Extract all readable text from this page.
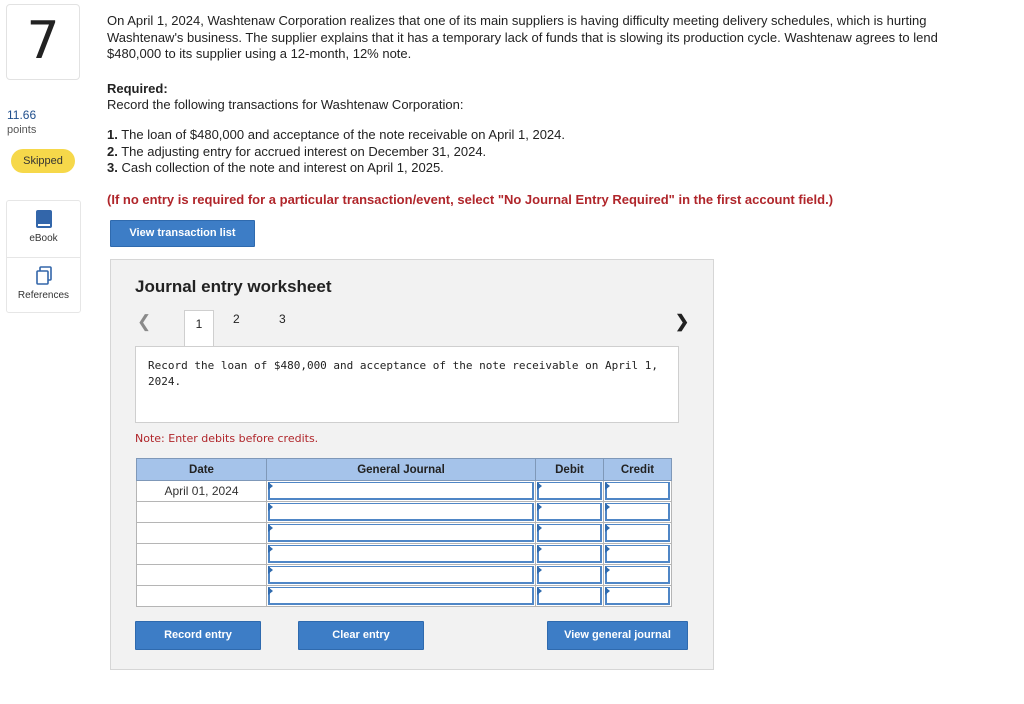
7
11.66
points
Skipped
eBook
References
On April 1, 2024, Washtenaw Corporation realizes that one of its main suppliers is having difficulty meeting delivery schedules, which is hurting Washtenaw's business. The supplier explains that it has a temporary lack of funds that is slowing its production cycle. Washtenaw agrees to lend $480,000 to its supplier using a 12-month, 12% note.
Required:
Record the following transactions for Washtenaw Corporation:
1. The loan of $480,000 and acceptance of the note receivable on April 1, 2024.
2. The adjusting entry for accrued interest on December 31, 2024.
3. Cash collection of the note and interest on April 1, 2025.
(If no entry is required for a particular transaction/event, select "No Journal Entry Required" in the first account field.)
View transaction list
Journal entry worksheet
❮	1	2	3	❯
Record the loan of $480,000 and acceptance of the note receivable on April 1, 2024.
Note: Enter debits before credits.
Date	General Journal	Debit	Credit
April 01, 2024	

Record entry	Clear entry	View general journal
